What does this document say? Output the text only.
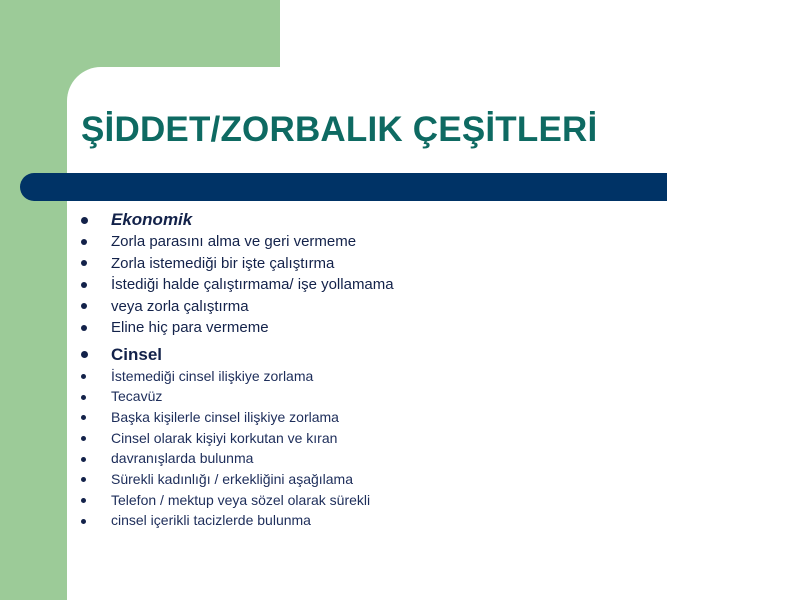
ŞİDDET/ZORBALIK ÇEŞİTLERİ
Ekonomik
Zorla parasını alma ve geri vermeme
Zorla istemediği bir işte çalıştırma
İstediği halde çalıştırmama/ işe yollamama
veya zorla çalıştırma
Eline hiç para vermeme
Cinsel
İstemediği cinsel ilişkiye zorlama
Tecavüz
Başka kişilerle cinsel ilişkiye zorlama
Cinsel olarak kişiyi korkutan ve kıran
davranışlarda bulunma
Sürekli kadınlığı / erkekliğini aşağılama
Telefon / mektup veya sözel olarak sürekli
cinsel içerikli tacizlerde bulunma
